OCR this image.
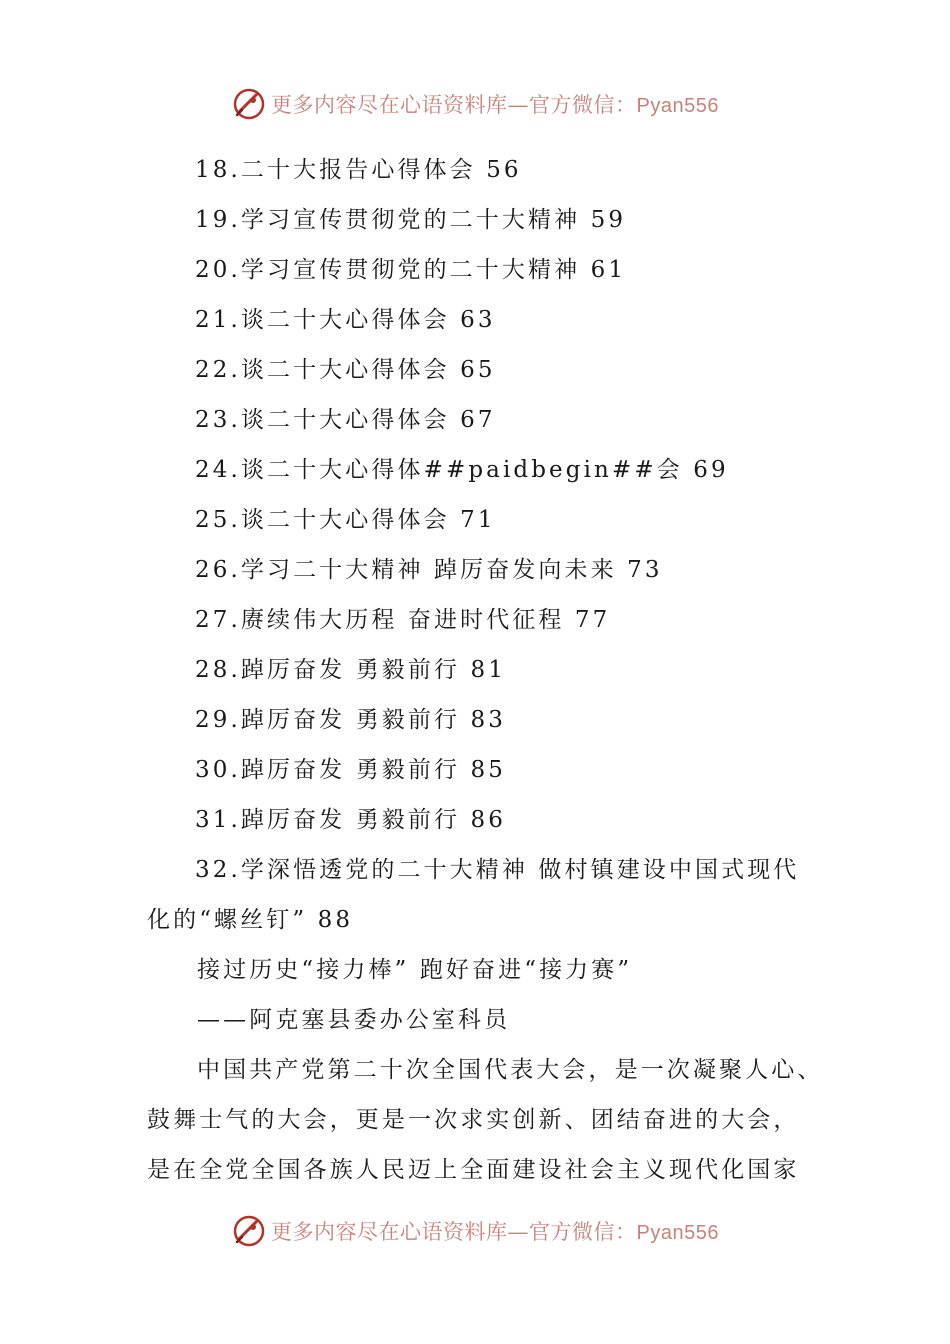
更多内容尽在心语资料库—官方微信：Pyan556
18.二十大报告心得体会 56
19.学习宣传贯彻党的二十大精神 59
20.学习宣传贯彻党的二十大精神 61
21.谈二十大心得体会 63
22.谈二十大心得体会 65
23.谈二十大心得体会 67
24.谈二十大心得体##paidbegin##会 69
25.谈二十大心得体会 71
26.学习二十大精神 踔厉奋发向未来 73
27.赓续伟大历程 奋进时代征程 77
28.踔厉奋发 勇毅前行 81
29.踔厉奋发 勇毅前行 83
30.踔厉奋发 勇毅前行 85
31.踔厉奋发 勇毅前行 86
32.学深悟透党的二十大精神 做村镇建设中国式现代
化的“螺丝钉” 88
接过历史“接力棒” 跑好奋进“接力赛”
——阿克塞县委办公室科员
中国共产党第二十次全国代表大会，是一次凝聚人心、
鼓舞士气的大会，更是一次求实创新、团结奋进的大会，
是在全党全国各族人民迈上全面建设社会主义现代化国家
更多内容尽在心语资料库—官方微信：Pyan556
